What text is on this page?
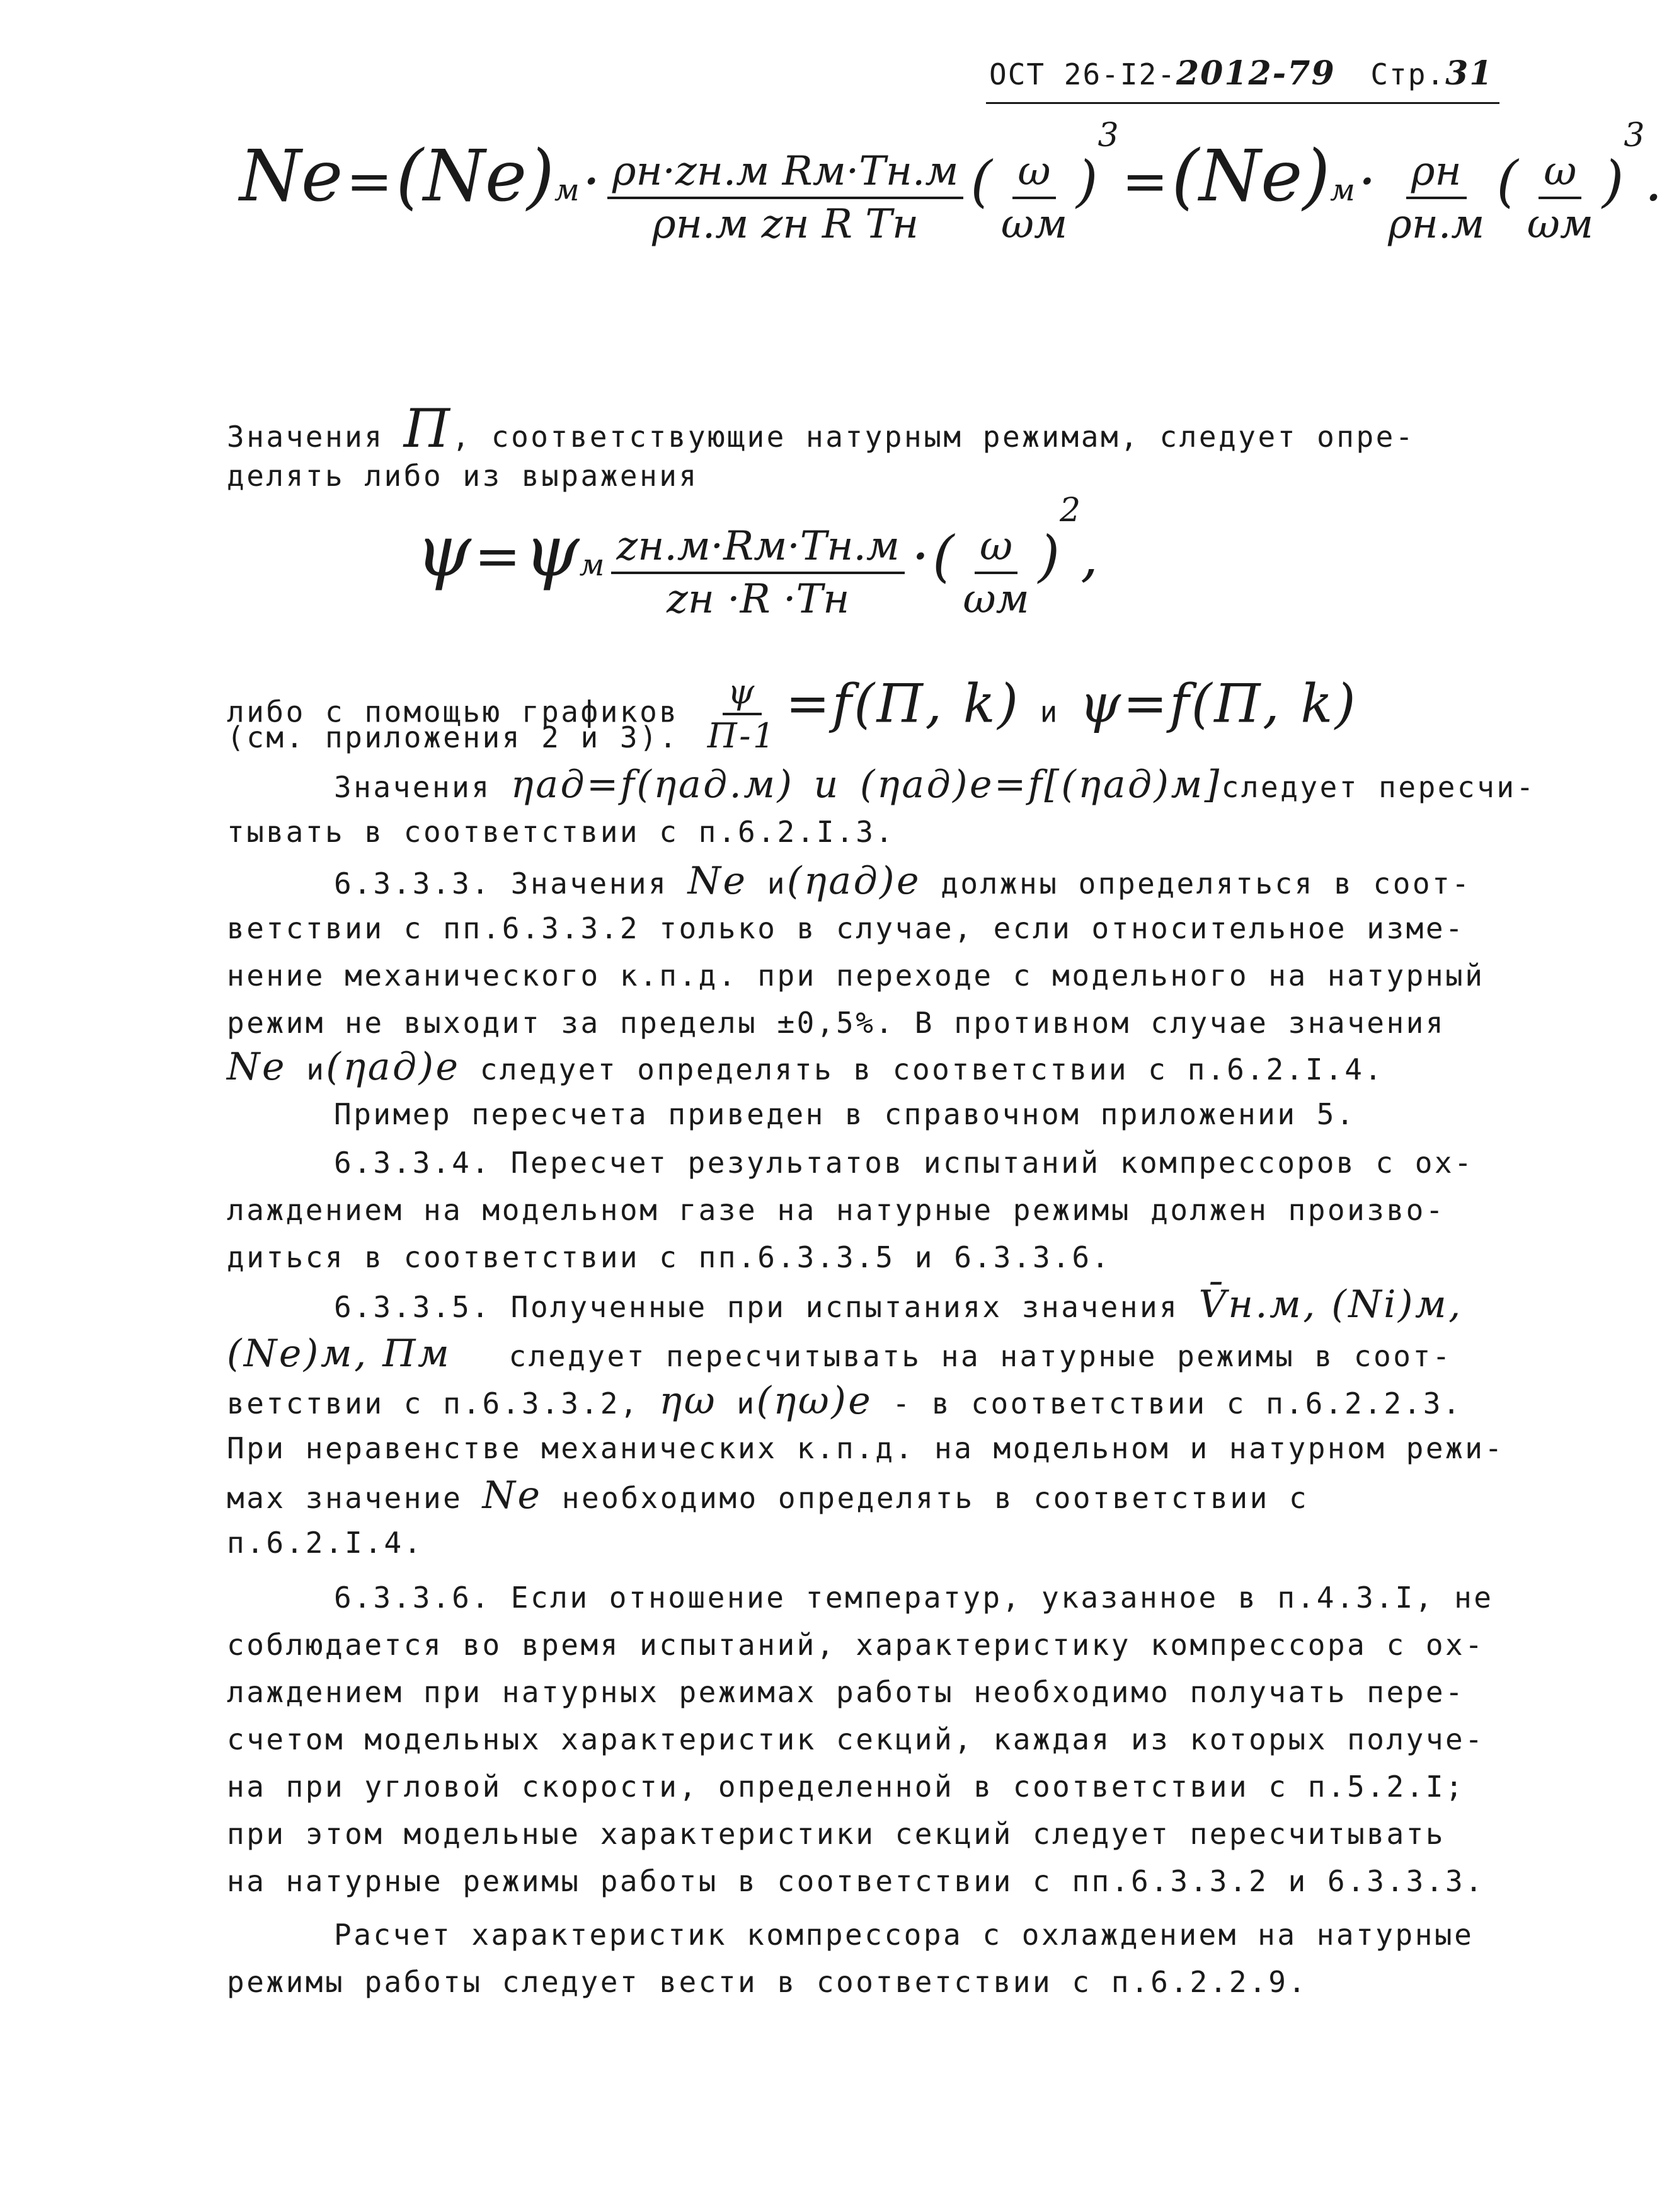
ОСТ 26-I2-2012-79 Стр.31
$Ne = (Ne)м \cdot \frac{\text{ρн·zн.м Rм·Tн.м}}{\text{ρн.м zн R Tн}}$ ( $\frac{\omega}{\omega м} )3 = (Ne)м \cdot \frac{\rho н}{\rho н.м}$ ( $\frac{\omega}{\omega м} )3$.
Значения П, соответствующие натурным режимам, следует опре-
делять либо из выражения
ψ = ψм $\frac{zн.м\cdot Rм\cdot Tн.м}{zн \cdot R \cdot Tн}$ · ( $\frac{\omega}{\omega м} )2$,
либо с помощью графиков $\frac{\psi}{П-1} =f(П$, k) и ψ=f(П, k)
(см. приложения 2 и 3).
Значения ηад=f(ηад.м) и (ηад)е=f[(ηад)м]следует пересчи-
тывать в соответствии с п.6.2.I.3.
6.3.3.3. Значения Ne и(ηад)е должны определяться в соот-
ветствии с пп.6.3.3.2 только в случае, если относительное изме-
нение механического к.п.д. при переходе с модельного на натурный
режим не выходит за пределы ±0,5%. В противном случае значения
Ne и(ηад)е следует определять в соответствии с п.6.2.I.4.
Пример пересчета приведен в справочном приложении 5.
6.3.3.4. Пересчет результатов испытаний компрессоров с ох-
лаждением на модельном газе на натурные режимы должен произво-
диться в соответствии с пп.6.3.3.5 и 6.3.3.6.
6.3.3.5. Полученные при испытаниях значения V̄н.м, (Ni)м,
(Ne)м, Пм следует пересчитывать на натурные режимы в соот-
ветствии с п.6.3.3.2, ηω и(ηω)е - в соответствии с п.6.2.2.3.
При неравенстве механических к.п.д. на модельном и натурном режи-
мах значение Ne необходимо определять в соответствии с
п.6.2.I.4.
6.3.3.6. Если отношение температур, указанное в п.4.3.I, не
соблюдается во время испытаний, характеристику компрессора с ох-
лаждением при натурных режимах работы необходимо получать пере-
счетом модельных характеристик секций, каждая из которых получе-
на при угловой скорости, определенной в соответствии с п.5.2.I;
при этом модельные характеристики секций следует пересчитывать
на натурные режимы работы в соответствии с пп.6.3.3.2 и 6.3.3.3.
Расчет характеристик компрессора с охлаждением на натурные
режимы работы следует вести в соответствии с п.6.2.2.9.
